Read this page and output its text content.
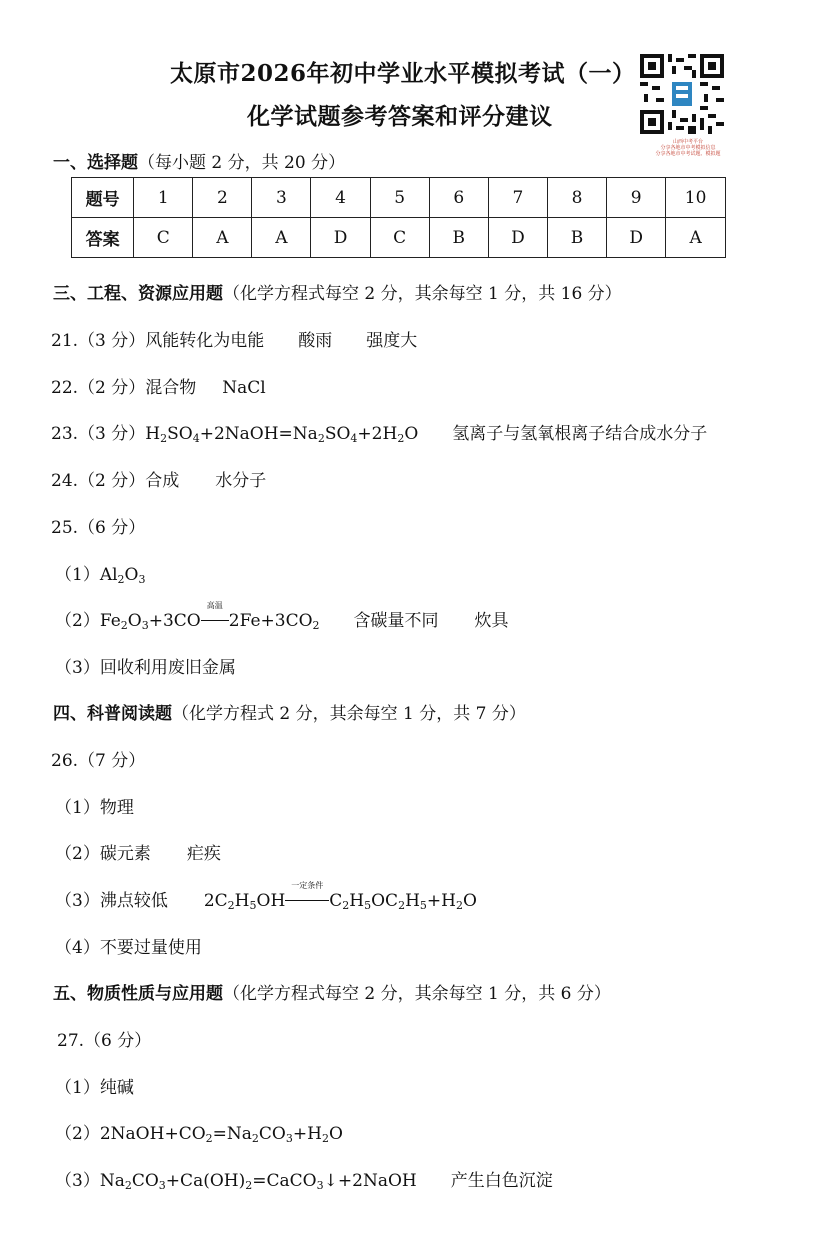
太原市2026年初中学业水平模拟考试（一）
化学试题参考答案和评分建议
山西中考平台
分享各地市中考模拟信息
分享各地市中考试题、模拟题
一、选择题（每小题 2 分，共 20 分）
题号	1	2	3	4	5	6	7	8	9	10
答案	C	A	A	D	C	B	D	B	D	A
三、工程、资源应用题（化学方程式每空 2 分，其余每空 1 分，共 16 分）
21.（3 分）风能转化为电能 酸雨 强度大
22.（2 分）混合物 NaCl
23.（3 分）$H_2SO_4+2NaOH=Na_2SO_4+2H_2O$ 氢离子与氢氧根离子结合成水分子
24.（2 分）合成 水分子
25.（6 分）
$(1)Al_2O_3$
$(2)Fe_2O_3+3CO$
高温
$2Fe+3CO_2$ 含碳量不同 炊具
（3）回收利用废旧金属
四、科普阅读题（化学方程式 2 分，其余每空 1 分，共 7 分）
26.（7 分）
（1）物理
（2）碳元素 疟疾
（3）沸点较低 $2C_2H_5OH$
一定条件
$C_2H_5OC_2H_5+H_2O$
（4）不要过量使用
五、物质性质与应用题（化学方程式每空 2 分，其余每空 1 分，共 6 分）
27.（6 分）
（1）纯碱
$(2)2NaOH+CO_2=Na_2CO_3+H_2O$
$(3)Na_2CO_3+Ca(OH)_2=CaCO_3↓+2NaOH$ 产生白色沉淀
